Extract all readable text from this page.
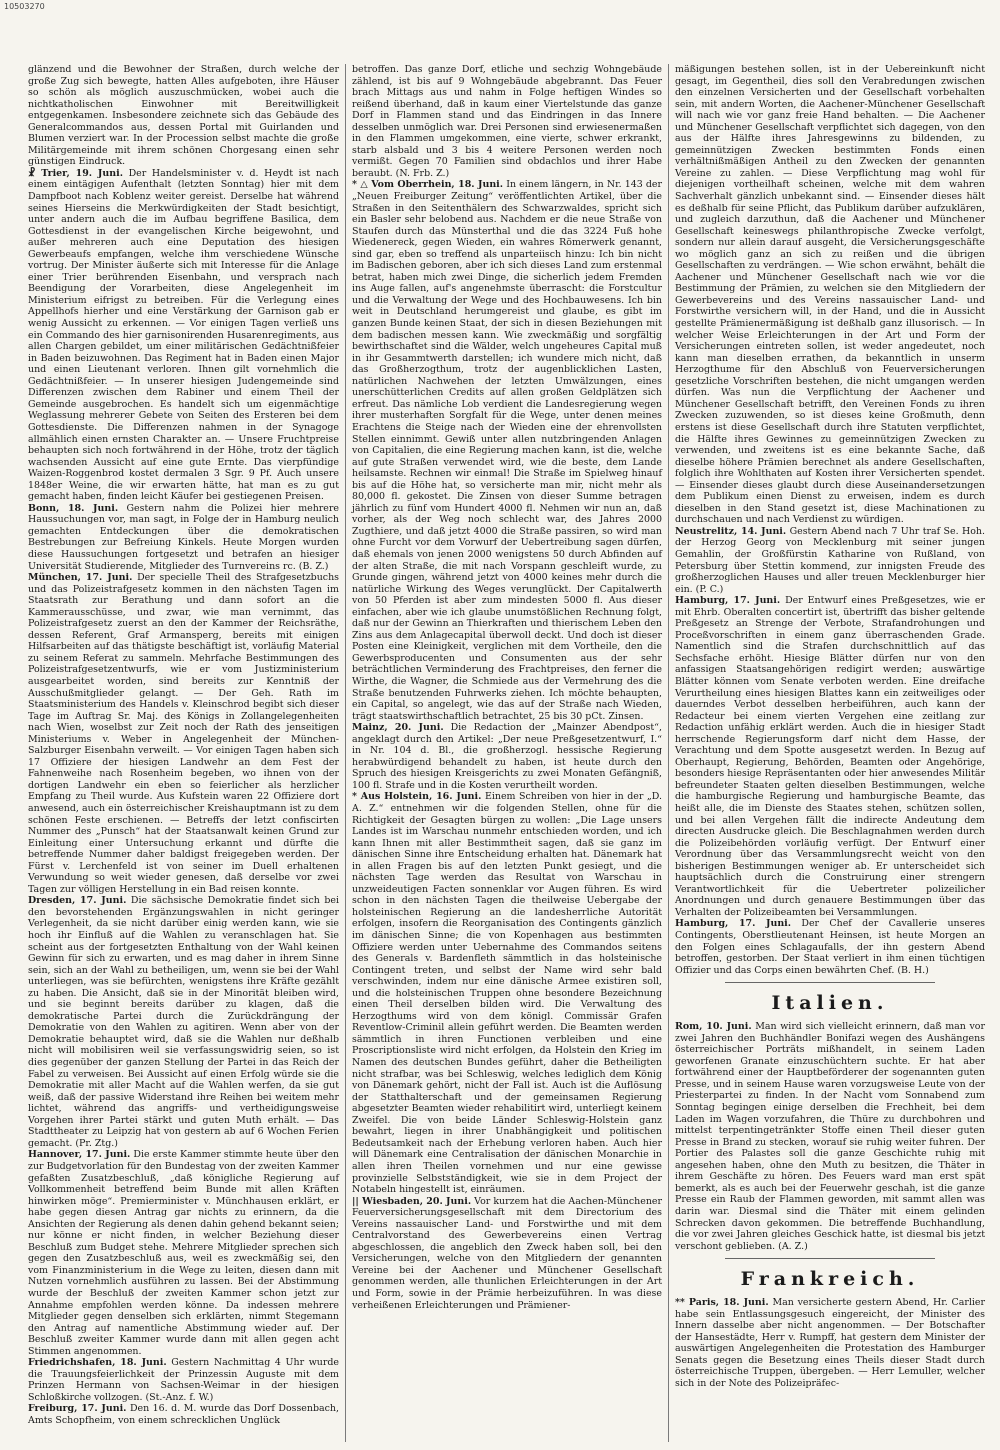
10503270

glänzend und die Bewohner der Straßen, durch welche der große Zug sich bewegte, hatten Alles aufgeboten, ihre Häuser so schön als möglich auszuschmücken, wobei auch die nichtkatholischen Einwohner mit Bereitwilligkeit entgegenkamen. Insbesondere zeichnete sich das Gebäude des Generalcommandos aus, dessen Portal mit Guirlanden und Blumen verziert war. In der Procession selbst machte die große Militärgemeinde mit ihrem schönen Chorgesang einen sehr günstigen Eindruck.

☧ Trier, 19. Juni. Der Handelsminister v. d. Heydt ist nach einem eintägigen Aufenthalt (letzten Sonntag) hier mit dem Dampfboot nach Koblenz weiter gereist. Derselbe hat während seines Hierseins die Merkwürdigkeiten der Stadt besichtigt, unter andern auch die im Aufbau begriffene Basilica, dem Gottesdienst in der evangelischen Kirche beigewohnt, und außer mehreren auch eine Deputation des hiesigen Gewerbeaufs empfangen, welche ihm verschiedene Wünsche vortrug. Der Minister äußerte sich mit Interesse für die Anlage einer Trier berührenden Eisenbahn, und versprach nach Beendigung der Vorarbeiten, diese Angelegenheit im Ministerium eifrigst zu betreiben. Für die Verlegung eines Appellhofs hierher und eine Verstärkung der Garnison gab er wenig Aussicht zu erkennen. — Vor einigen Tagen verließ uns ein Commando des hier garnisonirenden Husarenregiments, aus allen Chargen gebildet, um einer militärischen Gedächtnißfeier in Baden beizuwohnen. Das Regiment hat in Baden einen Major und einen Lieutenant verloren. Ihnen gilt vornehmlich die Gedächtnißfeier. — In unserer hiesigen Judengemeinde sind Differenzen zwischen dem Rabiner und einem Theil der Gemeinde ausgebrochen. Es handelt sich um eigenmächtige Weglassung mehrerer Gebete von Seiten des Ersteren bei dem Gottesdienste. Die Differenzen nahmen in der Synagoge allmählich einen ernsten Charakter an. — Unsere Fruchtpreise behaupten sich noch fortwährend in der Höhe, trotz der täglich wachsenden Aussicht auf eine gute Ernte. Das vierpfündige Waizen-Roggenbrod kostet dermalen 3 Sgr. 9 Pf. Auch unsere 1848er Weine, die wir erwarten hätte, hat man es zu gut gemacht haben, finden leicht Käufer bei gestiegenen Preisen.

Bonn, 18. Juni. Gestern nahm die Polizei hier mehrere Haussuchungen vor, man sagt, in Folge der in Hamburg neulich gemachten Entdeckungen über die demokratischen Bestrebungen zur Befreiung Kinkels. Heute Morgen wurden diese Haussuchungen fortgesetzt und betrafen an hiesiger Universität Studierende, Mitglieder des Turnvereins rc. (B. Z.)

München, 17. Juni. Der specielle Theil des Strafgesetzbuchs und das Polizeistrafgesetz kommen in den nächsten Tagen im Staatsrath zur Berathung und dann sofort an die Kammerausschüsse, und zwar, wie man vernimmt, das Polizeistrafgesetz zuerst an den der Kammer der Reichsräthe, dessen Referent, Graf Armansperg, bereits mit einigen Hilfsarbeiten auf das thätigste beschäftigt ist, vorläufig Material zu seinem Referat zu sammeln. Mehrfache Bestimmungen des Polizeistrafgesetzentwurfs, wie er vom Justizministerium ausgearbeitet worden, sind bereits zur Kenntniß der Ausschußmitglieder gelangt. — Der Geh. Rath im Staatsministerium des Handels v. Kleinschrod begibt sich dieser Tage im Auftrag Sr. Maj. des Königs in Zollangelegenheiten nach Wien, woselbst zur Zeit noch der Rath des jenseitigen Ministeriums v. Weber in Angelegenheit der München-Salzburger Eisenbahn verweilt. — Vor einigen Tagen haben sich 17 Offiziere der hiesigen Landwehr an dem Fest der Fahnenweihe nach Rosenheim begeben, wo ihnen von der dortigen Landwehr ein eben so feierlicher als herzlicher Empfang zu Theil wurde. Aus Kufstein waren 22 Offiziere dort anwesend, auch ein österreichischer Kreishauptmann ist zu dem schönen Feste erschienen. — Betreffs der letzt confiscirten Nummer des „Punsch“ hat der Staatsanwalt keinen Grund zur Einleitung einer Untersuchung erkannt und dürfte die betreffende Nummer daher baldigst freigegeben werden. Der Fürst v. Lerchenfeld ist von seiner im Duell erhaltenen Verwundung so weit wieder genesen, daß derselbe vor zwei Tagen zur völligen Herstellung in ein Bad reisen konnte.

Dresden, 17. Juni. Die sächsische Demokratie findet sich bei den bevorstehenden Ergänzungswahlen in nicht geringer Verlegenheit, da sie nicht darüber einig werden kann, wie sie hoch ihr Einfluß auf die Wahlen zu veranschlagen hat. Sie scheint aus der fortgesetzten Enthaltung von der Wahl keinen Gewinn für sich zu erwarten, und es mag daher in ihrem Sinne sein, sich an der Wahl zu betheiligen, um, wenn sie bei der Wahl unterliegen, was sie befürchten, wenigstens ihre Kräfte gezählt zu haben. Die Ansicht, daß sie in der Minorität bleiben wird, und sie beginnt bereits darüber zu klagen, daß die demokratische Partei durch die Zurückdrängung der Demokratie von den Wahlen zu agitiren. Wenn aber von der Demokratie behauptet wird, daß sie die Wahlen nur deßhalb nicht will mobilisiren weil sie verfassungswidrig seien, so ist dies gegenüber der ganzen Stellung der Partei in das Reich der Fabel zu verweisen. Bei Aussicht auf einen Erfolg würde sie die Demokratie mit aller Macht auf die Wahlen werfen, da sie gut weiß, daß der passive Widerstand ihre Reihen bei weitem mehr lichtet, während das angriffs- und vertheidigungsweise Vorgehen ihrer Partei stärkt und guten Muth erhält. — Das Stadttheater zu Leipzig hat von gestern ab auf 6 Wochen Ferien gemacht. (Pr. Ztg.)

Hannover, 17. Juni. Die erste Kammer stimmte heute über den zur Budgetvorlation für den Bundestag von der zweiten Kammer gefaßten Zusatzbeschluß, „daß königliche Regierung auf Vollkommenheit betreffend beim Bunde mit allen Kräften hinwirken möge“. Premierminister v. Münchhausen erklärt, er habe gegen diesen Antrag gar nichts zu erinnern, da die Ansichten der Regierung als denen dahin gehend bekannt seien; nur könne er nicht finden, in welcher Beziehung dieser Beschluß zum Budget stehe. Mehrere Mitglieder sprechen sich gegen den Zusatzbeschluß aus, weil es zweckmäßig sei, den vom Finanzministerium in die Wege zu leiten, diesen dann mit Nutzen vornehmlich ausführen zu lassen. Bei der Abstimmung wurde der Beschluß der zweiten Kammer schon jetzt zur Annahme empfohlen werden könne. Da indessen mehrere Mitglieder gegen denselben sich erklärten, nimmt Stegemann den Antrag auf namentliche Abstimmung wieder auf. Der Beschluß zweiter Kammer wurde dann mit allen gegen acht Stimmen angenommen.

Friedrichshafen, 18. Juni. Gestern Nachmittag 4 Uhr wurde die Trauungsfeierlichkeit der Prinzessin Auguste mit dem Prinzen Hermann von Sachsen-Weimar in der hiesigen Schloßkirche vollzogen. (St.-Anz. f. W.)

Freiburg, 17. Juni. Den 16. d. M. wurde das Dorf Dossenbach, Amts Schopfheim, von einem schrecklichen Unglück

betroffen. Das ganze Dorf, etliche und sechzig Wohngebäude zählend, ist bis auf 9 Wohngebäude abgebrannt. Das Feuer brach Mittags aus und nahm in Folge heftigen Windes so reißend überhand, daß in kaum einer Viertelstunde das ganze Dorf in Flammen stand und das Eindringen in das Innere desselben unmöglich war. Drei Personen sind erwiesenermaßen in den Flammen umgekommen, eine vierte, schwer erkrankt, starb alsbald und 3 bis 4 weitere Personen werden noch vermißt. Gegen 70 Familien sind obdachlos und ihrer Habe beraubt. (N. Frb. Z.)

* △ Vom Oberrhein, 18. Juni. In einem längern, in Nr. 143 der „Neuen Freiburger Zeitung“ veröffentlichten Artikel, über die Straßen in den Seitenthälern des Schwarzwaldes, spricht sich ein Basler sehr belobend aus. Nachdem er die neue Straße von Staufen durch das Münsterthal und die das 3224 Fuß hohe Wiedenereck, gegen Wieden, ein wahres Römerwerk genannt, sind gar, eben so treffend als unparteiisch hinzu: Ich bin nicht im Badischen geboren, aber ich sich dieses Land zum erstenmal betrat, haben mich zwei Dinge, die sicherlich jedem Fremden ins Auge fallen, auf's angenehmste überrascht: die Forstcultur und die Verwaltung der Wege und des Hochbauwesens. Ich bin weit in Deutschland herumgereist und glaube, es gibt im ganzen Bunde keinen Staat, der sich in diesen Beziehungen mit dem badischen messen kann. Wie zweckmäßig und sorgfältig bewirthschaftet sind die Wälder, welch ungeheures Capital muß in ihr Gesammtwerth darstellen; ich wundere mich nicht, daß das Großherzogthum, trotz der augenblicklichen Lasten, natürlichen Nachwehen der letzten Umwälzungen, eines unerschütterlichen Credits auf allen großen Geldplätzen sich erfreut. Das nämliche Lob verdient die Landesregierung wegen ihrer musterhaften Sorgfalt für die Wege, unter denen meines Erachtens die Steige nach der Wieden eine der ehrenvollsten Stellen einnimmt. Gewiß unter allen nutzbringenden Anlagen von Capitalien, die eine Regierung machen kann, ist die, welche auf gute Straßen verwendet wird, wie die beste, dem Lande heilsamste. Rechnen wir einmal! Die Straße im Spielweg hinauf bis auf die Höhe hat, so versicherte man mir, nicht mehr als 80,000 fl. gekostet. Die Zinsen von dieser Summe betragen jährlich zu fünf vom Hundert 4000 fl. Nehmen wir nun an, daß vorher, als der Weg noch schlecht war, des Jahres 2000 Zugthiere, und daß jetzt 4000 die Straße passiren, so wird man ohne Furcht vor dem Vorwurf der Uebertreibung sagen dürfen, daß ehemals von jenen 2000 wenigstens 50 durch Abfinden auf der alten Straße, die mit nach Vorspann geschleift wurde, zu Grunde gingen, während jetzt von 4000 keines mehr durch die natürliche Wirkung des Weges verunglückt. Der Capitalwerth von 50 Pferden ist aber zum mindesten 5000 fl. Aus dieser einfachen, aber wie ich glaube unumstößlichen Rechnung folgt, daß nur der Gewinn an Thierkraften und thierischem Leben den Zins aus dem Anlagecapital überwoll deckt. Und doch ist dieser Posten eine Kleinigkeit, verglichen mit dem Vortheile, den die Gewerbsproducenten und Consumenten aus der sehr beträchtlichen Verminderung des Frachtpreises, den ferner die Wirthe, die Wagner, die Schmiede aus der Vermehrung des die Straße benutzenden Fuhrwerks ziehen. Ich möchte behaupten, ein Capital, so angelegt, wie das auf der Straße nach Wieden, trägt staatswirthschaftlich betrachtet, 25 bis 30 pCt. Zinsen.

Mainz, 20. Juni. Die Redaction der „Mainzer Abendpost“, angeklagt durch den Artikel: „Der neue Preßgesetzentwurf, I.“ in Nr. 104 d. Bl., die großherzogl. hessische Regierung herabwürdigend behandelt zu haben, ist heute durch den Spruch des hiesigen Kreisgerichts zu zwei Monaten Gefängniß, 100 fl. Strafe und in die Kosten verurtheilt worden.

* Aus Holstein, 16. Juni. Einem Schreiben von hier in der „D. A. Z.“ entnehmen wir die folgenden Stellen, ohne für die Richtigkeit der Gesagten bürgen zu wollen: „Die Lage unsers Landes ist im Warschau nunmehr entschieden worden, und ich kann Ihnen mit aller Bestimmtheit sagen, daß sie ganz im dänischen Sinne ihre Entscheidung erhalten hat. Dänemark hat in allen Fragen bis auf den letzten Punkt gesiegt, und die nächsten Tage werden das Resultat von Warschau in unzweideutigen Facten sonnenklar vor Augen führen. Es wird schon in den nächsten Tagen die theilweise Uebergabe der holsteinischen Regierung an die landesherrliche Autorität erfolgen, insofern die Reorganisation des Contingents gänzlich im dänischen Sinne; die von Kopenhagen aus bestimmten Offiziere werden unter Uebernahme des Commandos seitens des Generals v. Bardenfleth sämmtlich in das holsteinische Contingent treten, und selbst der Name wird sehr bald verschwinden, indem nur eine dänische Armee existiren soll, und die holsteinischen Truppen ohne besondere Bezeichnung einen Theil derselben bilden wird. Die Verwaltung des Herzogthums wird von dem königl. Commissär Grafen Reventlow-Criminil allein geführt werden. Die Beamten werden sämmtlich in ihren Functionen verbleiben und eine Proscriptionsliste wird nicht erfolgen, da Holstein den Krieg im Namen des deutschen Bundes geführt, daher die Betheiligten nicht strafbar, was bei Schleswig, welches lediglich dem König von Dänemark gehört, nicht der Fall ist. Auch ist die Auflösung der Statthalterschaft und der gemeinsamen Regierung abgesetzter Beamten wieder rehabilitirt wird, unterliegt keinem Zweifel. Die von beide Länder Schleswig-Holstein ganz bewahrt, liegen in ihrer Unabhängigkeit und politischen Bedeutsamkeit nach der Erhebung verloren haben. Auch hier will Dänemark eine Centralisation der dänischen Monarchie in allen ihren Theilen vornehmen und nur eine gewisse provinzielle Selbstständigkeit, wie sie in dem Project der Notabeln hingestellt ist, einräumen.

|| Wiesbaden, 20. Juni. Vor kurzem hat die Aachen-Münchener Feuerversicherungsgesellschaft mit dem Directorium des Vereins nassauischer Land- und Forstwirthe und mit dem Centralvorstand des Gewerbevereins einen Vertrag abgeschlossen, die angeblich den Zweck haben soll, bei den Versicherungen, welche von den Mitgliedern der genannten Vereine bei der Aachener und Münchener Gesellschaft genommen werden, alle thunlichen Erleichterungen in der Art und Form, sowie in der Prämie herbeizuführen. In was diese verheißenen Erleichterungen und Prämiener-

mäßigungen bestehen sollen, ist in der Uebereinkunft nicht gesagt, im Gegentheil, dies soll den Verabredungen zwischen den einzelnen Versicherten und der Gesellschaft vorbehalten sein, mit andern Worten, die Aachener-Münchener Gesellschaft will nach wie vor ganz freie Hand behalten. — Die Aachener und Münchener Gesellschaft verpflichtet sich dagegen, von den aus der Hälfte ihres Jahresgewinns zu bildenden, zu gemeinnützigen Zwecken bestimmten Fonds einen verhältnißmäßigen Antheil zu den Zwecken der genannten Vereine zu zahlen. — Diese Verpflichtung mag wohl für diejenigen vortheilhaft scheinen, welche mit dem wahren Sachverhalt gänzlich unbekannt sind. — Einsender dieses hält es deßhalb für seine Pflicht, das Publikum darüber aufzuklären, und zugleich darzuthun, daß die Aachener und Münchener Gesellschaft keineswegs philanthropische Zwecke verfolgt, sondern nur allein darauf ausgeht, die Versicherungsgeschäfte wo möglich ganz an sich zu reißen und die übrigen Gesellschaften zu verdrängen. — Wie schon erwähnt, behält die Aachener und Münchener Gesellschaft nach wie vor die Bestimmung der Prämien, zu welchen sie den Mitgliedern der Gewerbevereins und des Vereins nassauischer Land- und Forstwirthe versichern will, in der Hand, und die in Aussicht gestellte Prämienermäßigung ist deßhalb ganz illusorisch. — In welcher Weise Erleichterungen in der Art und Form der Versicherungen eintreten sollen, ist weder angedeutet, noch kann man dieselben errathen, da bekanntlich in unserm Herzogthume für den Abschluß von Feuerversicherungen gesetzliche Vorschriften bestehen, die nicht umgangen werden dürfen. Was nun die Verpflichtung der Aachener und Münchener Gesellschaft betrifft, den Vereinen Fonds zu ihren Zwecken zuzuwenden, so ist dieses keine Großmuth, denn erstens ist diese Gesellschaft durch ihre Statuten verpflichtet, die Hälfte ihres Gewinnes zu gemeinnützigen Zwecken zu verwenden, und zweitens ist es eine bekannte Sache, daß dieselbe höhere Prämien berechnet als andere Gesellschaften, folglich ihre Wohlthaten auf Kosten ihrer Versicherten spendet. — Einsender dieses glaubt durch diese Auseinandersetzungen dem Publikum einen Dienst zu erweisen, indem es durch dieselben in den Stand gesetzt ist, diese Machinationen zu durchschauen und nach Verdienst zu würdigen.

Neustrelitz, 14. Juni. Gestern Abend nach 7 Uhr traf Se. Hoh. der Herzog Georg von Mecklenburg mit seiner jungen Gemahlin, der Großfürstin Katharine von Rußland, von Petersburg über Stettin kommend, zur innigsten Freude des großherzoglichen Hauses und aller treuen Mecklenburger hier ein. (P. C.)

Hamburg, 17. Juni. Der Entwurf eines Preßgesetzes, wie er mit Ehrb. Oberalten concertirt ist, übertrifft das bisher geltende Preßgesetz an Strenge der Verbote, Strafandrohungen und Proceßvorschriften in einem ganz überraschenden Grade. Namentlich sind die Strafen durchschnittlich auf das Sechsfache erhöht. Hiesige Blätter dürfen nur von den anfassigen Staatsangehörigen redigirt werden; auswärtige Blätter können vom Senate verboten werden. Eine dreifache Verurtheilung eines hiesigen Blattes kann ein zeitweiliges oder dauerndes Verbot desselben herbeiführen, auch kann der Redacteur bei einem vierten Vergehen eine zeitlang zur Redaction unfähig erklärt werden. Auch die in hiesiger Stadt herrschende Regierungsform darf nicht dem Hasse, der Verachtung und dem Spotte ausgesetzt werden. In Bezug auf Oberhaupt, Regierung, Behörden, Beamten oder Angehörige, besonders hiesige Repräsentanten oder hier anwesendes Militär befreundeter Staaten gelten dieselben Bestimmungen, welche die hamburgische Regierung und hamburgische Beamte, das heißt alle, die im Dienste des Staates stehen, schützen sollen, und bei allen Vergehen fällt die indirecte Andeutung dem directen Ausdrucke gleich. Die Beschlagnahmen werden durch die Polizeibehörden vorläufig verfügt. Der Entwurf einer Verordnung über das Versammlungsrecht weicht von den bisherigen Bestimmungen weniger ab. Er unterscheidet sich hauptsächlich durch die Construirung einer strengern Verantwortlichkeit für die Uebertreter polizeilicher Anordnungen und durch genauere Bestimmungen über das Verhalten der Polizeibeamten bei Versammlungen.

Hamburg, 17. Juni. Der Chef der Cavallerie unseres Contingents, Oberstlieutenant Heinsen, ist heute Morgen an den Folgen eines Schlagaufalls, der ihn gestern Abend betroffen, gestorben. Der Staat verliert in ihm einen tüchtigen Offizier und das Corps einen bewährten Chef. (B. H.)

Italien.

Rom, 10. Juni. Man wird sich vielleicht erinnern, daß man vor zwei Jahren den Buchhändler Bonifazi wegen des Aushängens österreichischer Porträts mißhandelt, in seinem Laden geworfenen Granate einzuschüchtern suchte. Er hat aber fortwährend einer der Hauptbeförderer der sogenannten guten Presse, und in seinem Hause waren vorzugsweise Leute von der Priesterpartei zu finden. In der Nacht vom Sonnabend zum Sonntag begingen einige derselben die Frechheit, bei dem Laden im Wagen vorzufahren, die Thüre zu durchbohren und mittelst terpentingetränkter Stoffe einen Theil dieser guten Presse in Brand zu stecken, worauf sie ruhig weiter fuhren. Der Portier des Palastes soll die ganze Geschichte ruhig mit angesehen haben, ohne den Muth zu besitzen, die Thäter in ihrem Geschäfte zu hören. Des Feuers ward man erst spät bemerkt, als es auch bei der Feuerwehr geschah, ist die ganze Presse ein Raub der Flammen geworden, mit sammt allen was darin war. Diesmal sind die Thäter mit einem gelinden Schrecken davon gekommen. Die betreffende Buchhandlung, die vor zwei Jahren gleiches Geschick hatte, ist diesmal bis jetzt verschont geblieben. (A. Z.)

Frankreich.

** Paris, 18. Juni. Man versicherte gestern Abend, Hr. Carlier habe sein Entlassungsgesuch eingereicht, der Minister des Innern dasselbe aber nicht angenommen. — Der Botschafter der Hansestädte, Herr v. Rumpff, hat gestern dem Minister der auswärtigen Angelegenheiten die Protestation des Hamburger Senats gegen die Besetzung eines Theils dieser Stadt durch österreichische Truppen, übergeben. — Herr Lemuller, welcher sich in der Note des Polizeipräfec-
